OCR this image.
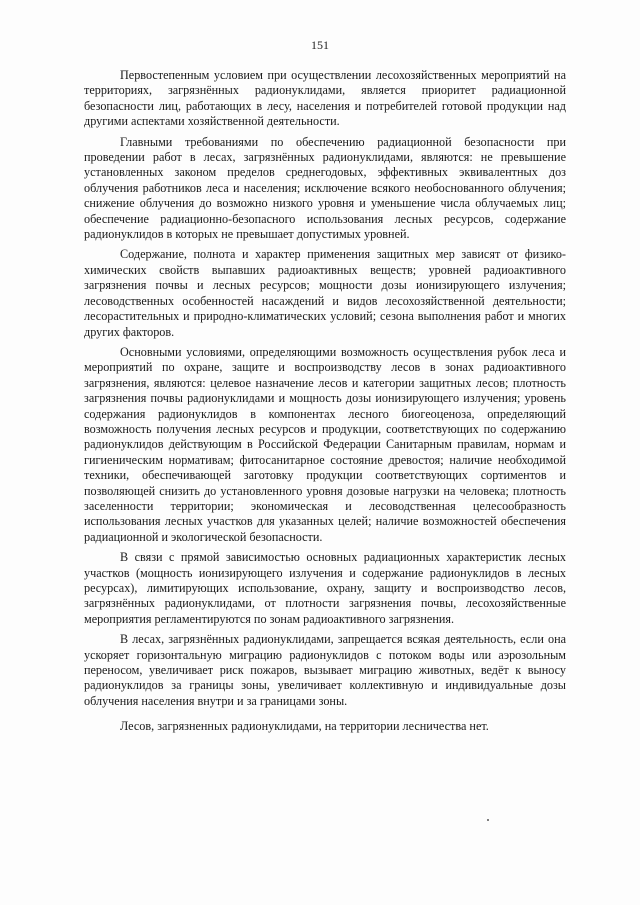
151

Первостепенным условием при осуществлении лесохозяйственных мероприятий на территориях, загрязнённых радионуклидами, является приоритет радиационной безопасности лиц, работающих в лесу, населения и потребителей готовой продукции над другими аспектами хозяйственной деятельности.

Главными требованиями по обеспечению радиационной безопасности при проведении работ в лесах, загрязнённых радионуклидами, являются: не превышение установленных законом пределов среднегодовых, эффективных эквивалентных доз облучения работников леса и населения; исключение всякого необоснованного облучения; снижение облучения до возможно низкого уровня и уменьшение числа облучаемых лиц; обеспечение радиационно-безопасного использования лесных ресурсов, содержание радионуклидов в которых не превышает допустимых уровней.

Содержание, полнота и характер применения защитных мер зависят от физико-химических свойств выпавших радиоактивных веществ; уровней радиоактивного загрязнения почвы и лесных ресурсов; мощности дозы ионизирующего излучения; лесоводственных особенностей насаждений и видов лесохозяйственной деятельности; лесорастительных и природно-климатических условий; сезона выполнения работ и многих других факторов.

Основными условиями, определяющими возможность осуществления рубок леса и мероприятий по охране, защите и воспроизводству лесов в зонах радиоактивного загрязнения, являются: целевое назначение лесов и категории защитных лесов; плотность загрязнения почвы радионуклидами и мощность дозы ионизирующего излучения; уровень содержания радионуклидов в компонентах лесного биогеоценоза, определяющий возможность получения лесных ресурсов и продукции, соответствующих по содержанию радионуклидов действующим в Российской Федерации Санитарным правилам, нормам и гигиеническим нормативам; фитосанитарное состояние древостоя; наличие необходимой техники, обеспечивающей заготовку продукции соответствующих сортиментов и позволяющей снизить до установленного уровня дозовые нагрузки на человека; плотность заселенности территории; экономическая и лесоводственная целесообразность использования лесных участков для указанных целей; наличие возможностей обеспечения радиационной и экологической безопасности.

В связи с прямой зависимостью основных радиационных характеристик лесных участков (мощность ионизирующего излучения и содержание радионуклидов в лесных ресурсах), лимитирующих использование, охрану, защиту и воспроизводство лесов, загрязнённых радионуклидами, от плотности загрязнения почвы, лесохозяйственные мероприятия регламентируются по зонам радиоактивного загрязнения.

В лесах, загрязнённых радионуклидами, запрещается всякая деятельность, если она ускоряет горизонтальную миграцию радионуклидов с потоком воды или аэрозольным переносом, увеличивает риск пожаров, вызывает миграцию животных, ведёт к выносу радионуклидов за границы зоны, увеличивает коллективную и индивидуальные дозы облучения населения внутри и за границами зоны.

Лесов, загрязненных радионуклидами, на территории лесничества нет.
